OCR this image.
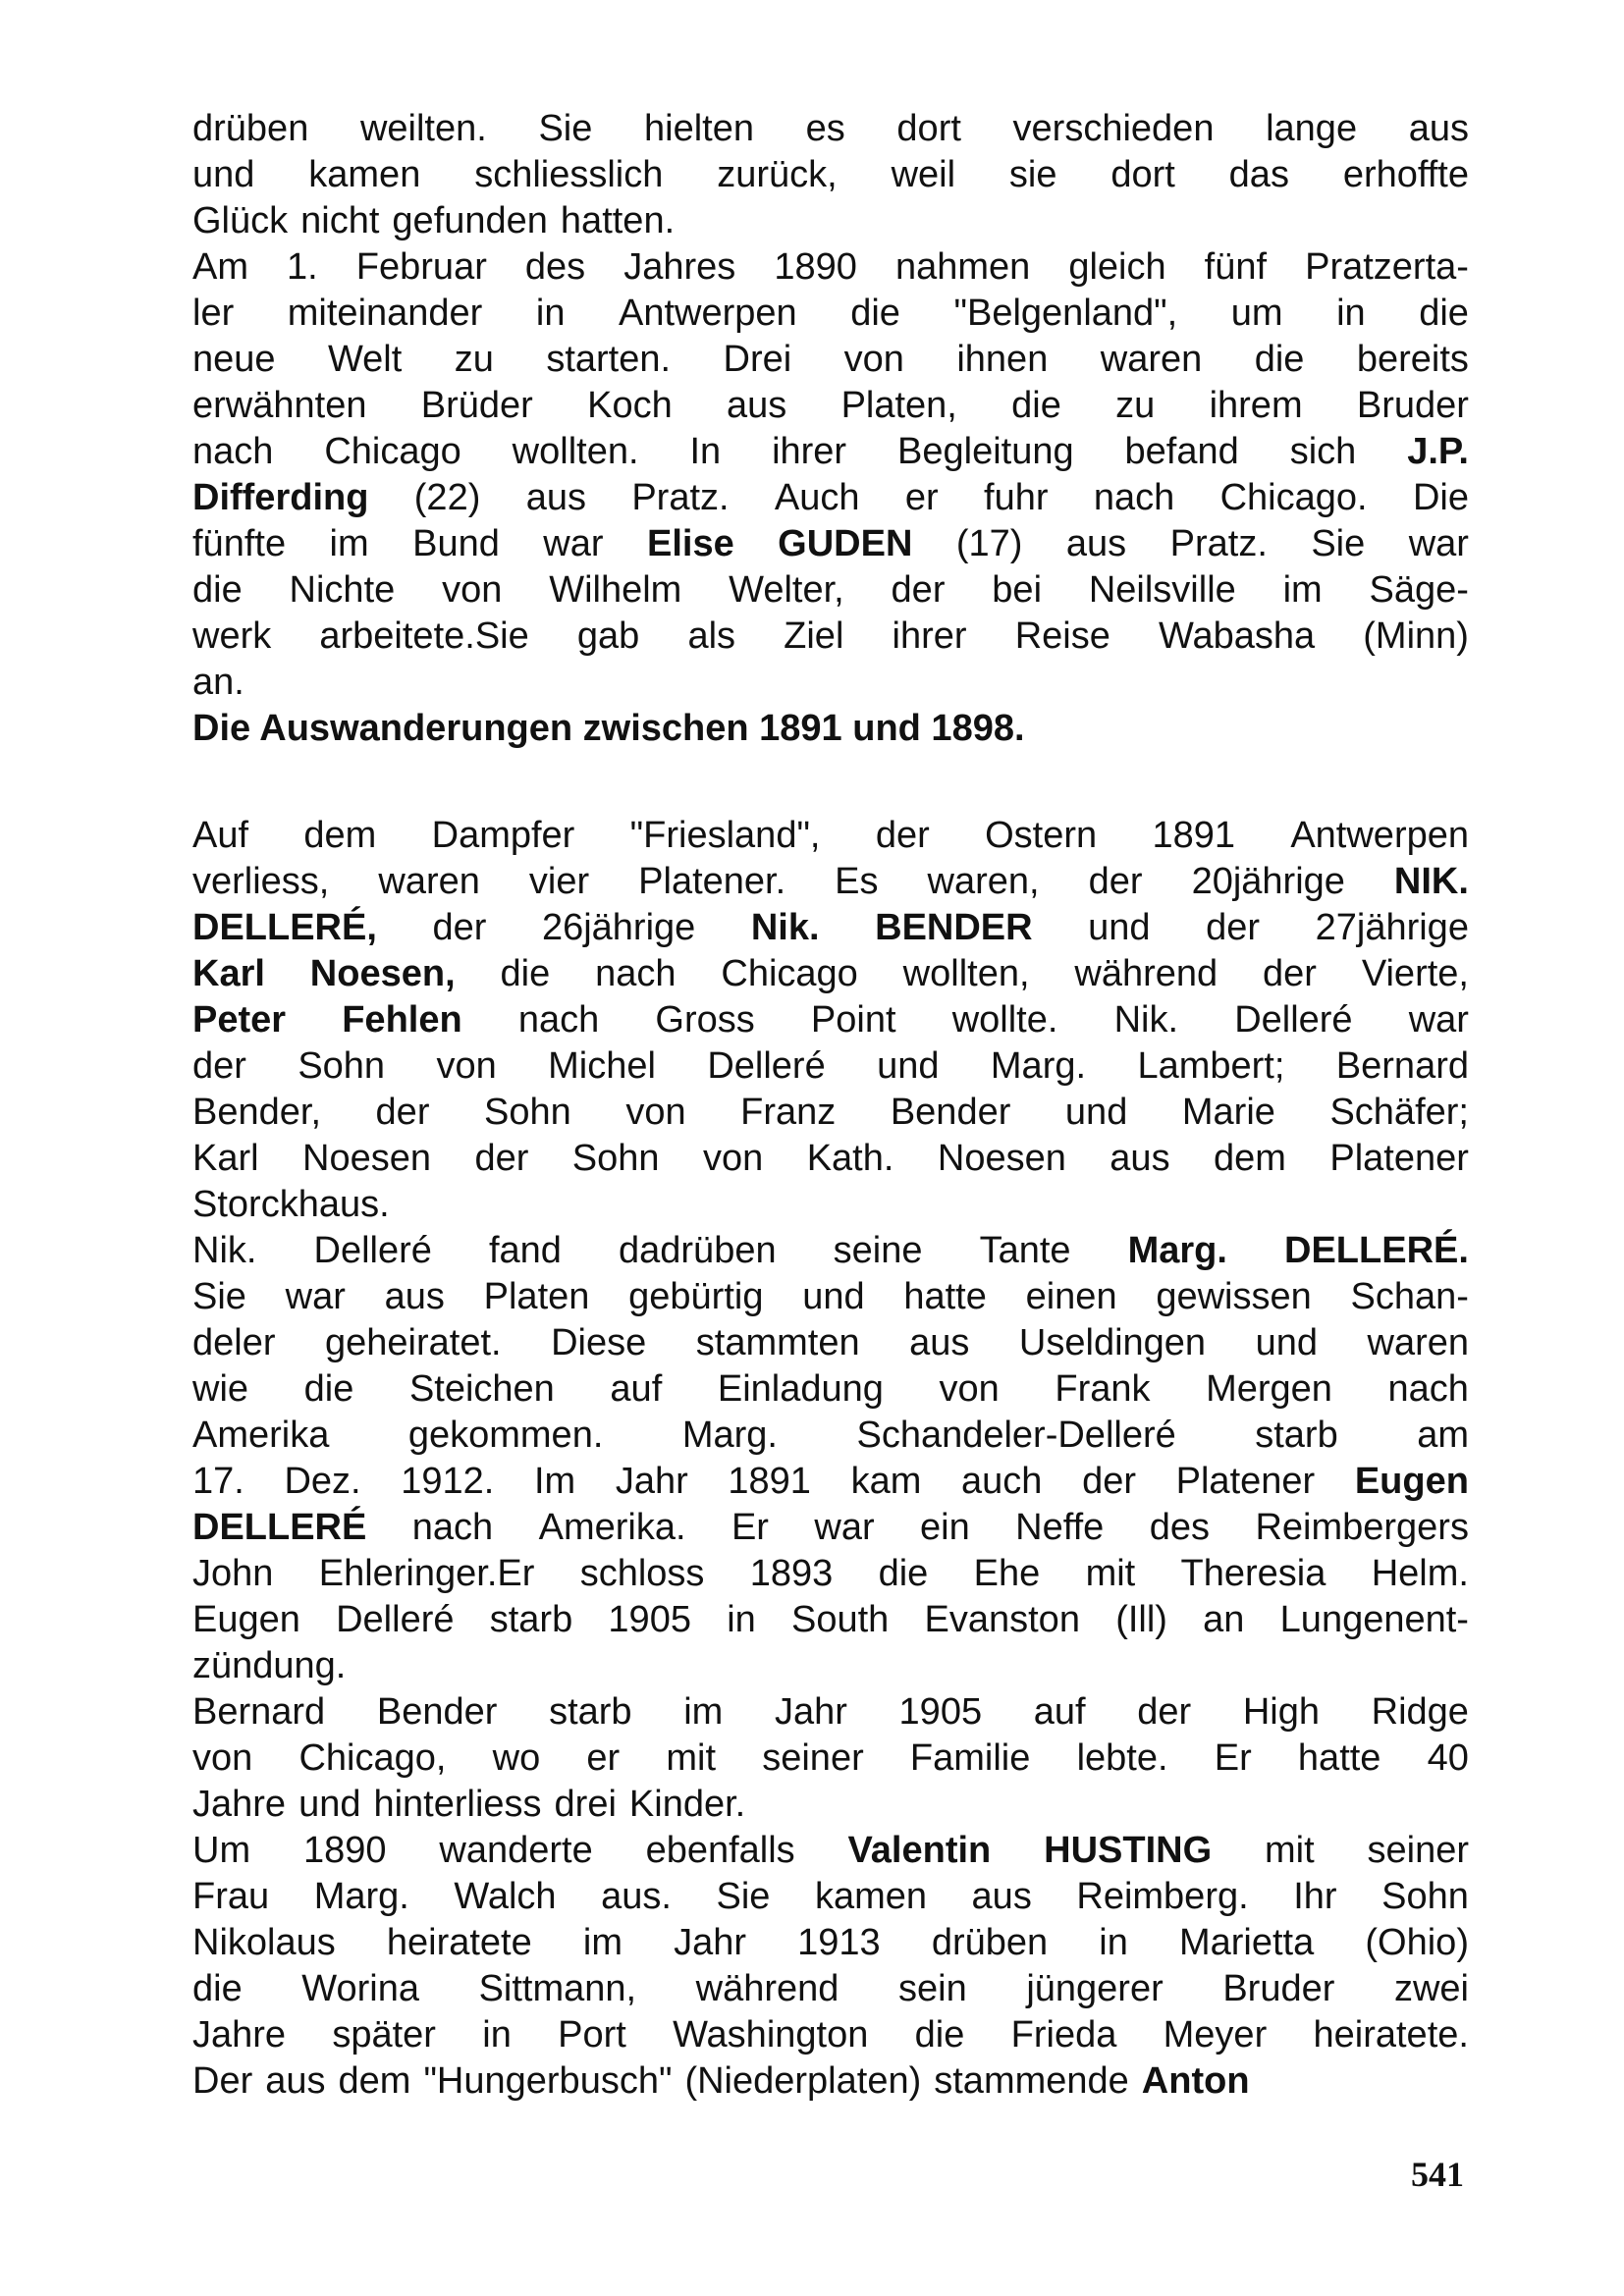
drüben weilten. Sie hielten es dort verschieden lange aus
und kamen schliesslich zurück, weil sie dort das erhoffte
Glück nicht gefunden hatten.
Am 1. Februar des Jahres 1890 nahmen gleich fünf Pratzerta-
ler miteinander in Antwerpen die "Belgenland", um in die
neue Welt zu starten. Drei von ihnen waren die bereits
erwähnten Brüder Koch aus Platen, die zu ihrem Bruder
nach Chicago wollten. In ihrer Begleitung befand sich J.P.
Differding (22) aus Pratz. Auch er fuhr nach Chicago. Die
fünfte im Bund war Elise GUDEN (17) aus Pratz. Sie war
die Nichte von Wilhelm Welter, der bei Neilsville im Säge-
werk arbeitete.Sie gab als Ziel ihrer Reise Wabasha (Minn)
an.
Die Auswanderungen zwischen 1891 und 1898.
Auf dem Dampfer "Friesland", der Ostern 1891 Antwerpen
verliess, waren vier Platener. Es waren, der 20jährige NIK.
DELLERÉ, der 26jährige Nik. BENDER und der 27jährige
Karl Noesen, die nach Chicago wollten, während der Vierte,
Peter Fehlen nach Gross Point wollte. Nik. Delleré war
der Sohn von Michel Delleré und Marg. Lambert; Bernard
Bender, der Sohn von Franz Bender und Marie Schäfer;
Karl Noesen der Sohn von Kath. Noesen aus dem Platener
Storckhaus.
Nik. Delleré fand dadrüben seine Tante Marg. DELLERÉ.
Sie war aus Platen gebürtig und hatte einen gewissen Schan-
deler geheiratet. Diese stammten aus Useldingen und waren
wie die Steichen auf Einladung von Frank Mergen nach
Amerika gekommen. Marg. Schandeler-Delleré starb am
17. Dez. 1912. Im Jahr 1891 kam auch der Platener Eugen
DELLERÉ nach Amerika. Er war ein Neffe des Reimbergers
John Ehleringer.Er schloss 1893 die Ehe mit Theresia Helm.
Eugen Delleré starb 1905 in South Evanston (Ill) an Lungenent-
zündung.
Bernard Bender starb im Jahr 1905 auf der High Ridge
von Chicago, wo er mit seiner Familie lebte. Er hatte 40
Jahre und hinterliess drei Kinder.
Um 1890 wanderte ebenfalls Valentin HUSTING mit seiner
Frau Marg. Walch aus. Sie kamen aus Reimberg. Ihr Sohn
Nikolaus heiratete im Jahr 1913 drüben in Marietta (Ohio)
die Worina Sittmann, während sein jüngerer Bruder zwei
Jahre später in Port Washington die Frieda Meyer heiratete.
Der aus dem "Hungerbusch" (Niederplaten) stammende Anton
541
